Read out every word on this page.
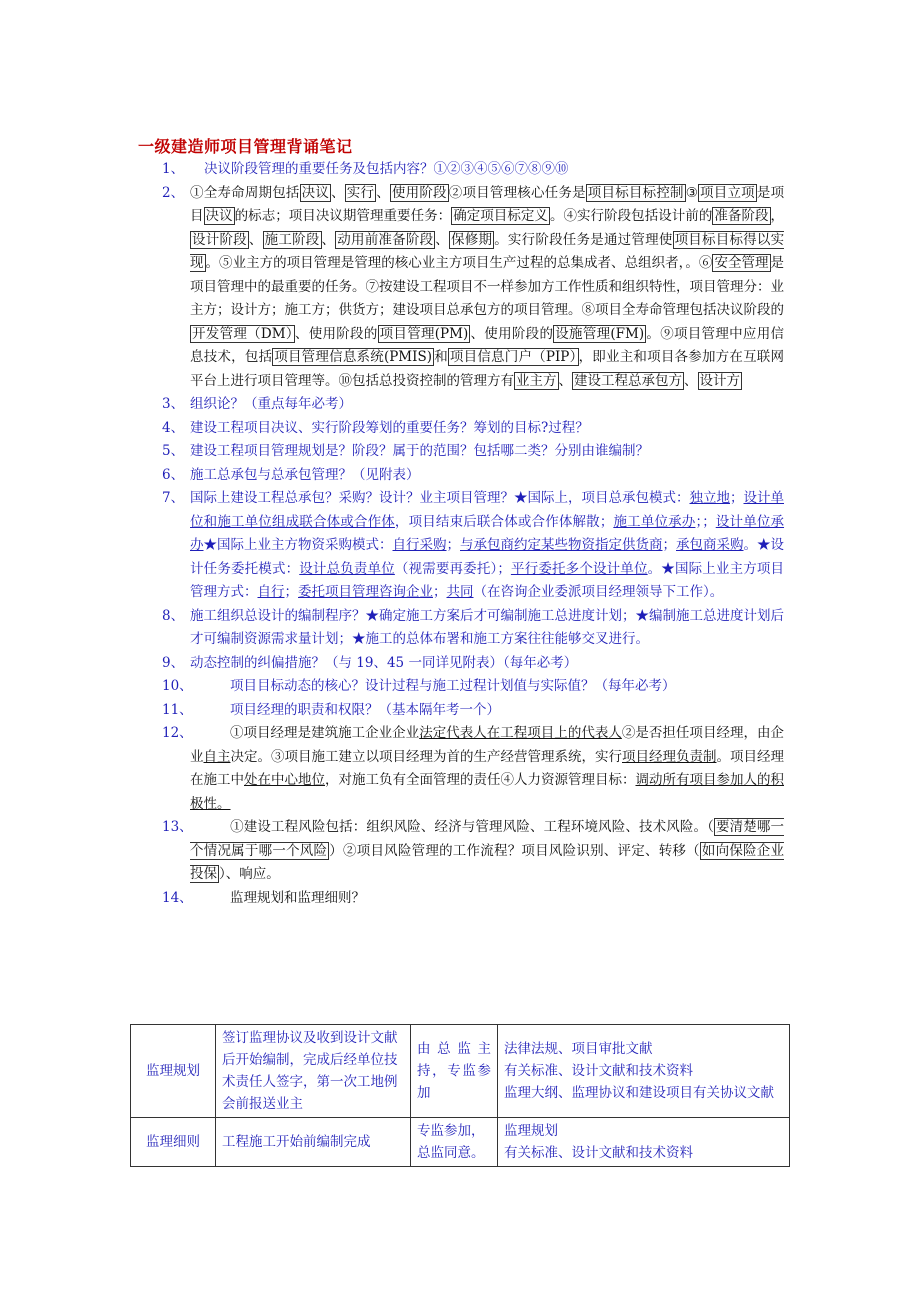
一级建造师项目管理背诵笔记
1、	决议阶段管理的重要任务及包括内容？①②③④⑤⑥⑦⑧⑨⑩
2、 ①全寿命周期包括 决议 、 实行 、 使用阶段 ②项目管理核心任务是 项目标目标控制 ③ 项目立项 是项目 决议 的标志；项目决议期管理重要任务： 确定项目标定义 。④实行阶段包括设计前的 准备阶段 ，设计阶段 、 施工阶段 、 动用前准备阶段 、 保修期 。实行阶段任务是通过管理使 项目标目标得以实现 。⑤业主方的项目管理是管理的核心业主方项目生产过程的总集成者、总组织者，。⑥ 安全管理 是项目管理中的最重要的任务。⑦按建设工程项目不一样参加方工作性质和组织特性，项目管理分：业主方；设计方；施工方；供货方；建设项目总承包方的项目管理。⑧项目全寿命管理包括决议阶段的开发管理（DM） 、使用阶段的 项目管理(PM) 、使用阶段的 设施管理(FM) 。⑨项目管理中应用信息技术，包括 项目管理信息系统(PMIS) 和 项目信息门户（PIP） ，即业主和项目各参加方在互联网平台上进行项目管理等。⑩包括总投资控制的管理方有 业主方 、 建设工程总承包方 、 设计方
3、 组织论？（重点每年必考）
4、 建设工程项目决议、实行阶段筹划的重要任务？筹划的目标?过程？
5、 建设工程项目管理规划是？阶段？属于的范围？包括哪二类？分别由谁编制？
6、 施工总承包与总承包管理？（见附表）
7、 国际上建设工程总承包？采购？设计？业主项目管理？★国际上，项目总承包模式：独立地；设计单位和施工单位组成联合体或合作体，项目结束后联合体或合作体解散；施工单位承办；；设计单位承办★国际上业主方物资采购模式：自行采购；与承包商约定某些物资指定供货商；承包商采购。★设计任务委托模式：设计总负责单位（视需要再委托）；平行委托多个设计单位。★国际上业主方项目管理方式：自行；委托项目管理咨询企业；共同（在咨询企业委派项目经理领导下工作）。
8、 施工组织总设计的编制程序？★确定施工方案后才可编制施工总进度计划；★编制施工总进度计划后才可编制资源需求量计划；★施工的总体布署和施工方案往往能够交叉进行。
9、 动态控制的纠偏措施？（与 19、45 一同详见附表）（每年必考）
10、	项目目标动态的核心？设计过程与施工过程计划值与实际值？（每年必考）
11、	项目经理的职责和权限？（基本隔年考一个）
12、	①项目经理是建筑施工企业企业法定代表人在工程项目上的代表人②是否担任项目经理，由企业自主决定。③项目施工建立以项目经理为首的生产经营管理系统，实行项目经理负责制。项目经理在施工中处在中心地位，对施工负有全面管理的责任④人力资源管理目标：调动所有项目参加人的积极性。
13、	①建设工程风险包括：组织风险、经济与管理风险、工程环境风险、技术风险。（ 要清楚哪一个情况属于哪一个风险 ）②项目风险管理的工作流程？项目风险识别、评定、转移（ 如向保险企业投保 ）、响应。
14、	监理规划和监理细则？
监理规划	签订监理协议及收到设计文献后开始编制，完成后经单位技术责任人签字，第一次工地例会前报送业主	由总监主持，专监参加	法律法规、项目审批文献
有关标准、设计文献和技术资料
监理大纲、监理协议和建设项目有关协议文献

监理细则	工程施工开始前编制完成	专监参加，总监同意。	监理规划
有关标准、设计文献和技术资料
